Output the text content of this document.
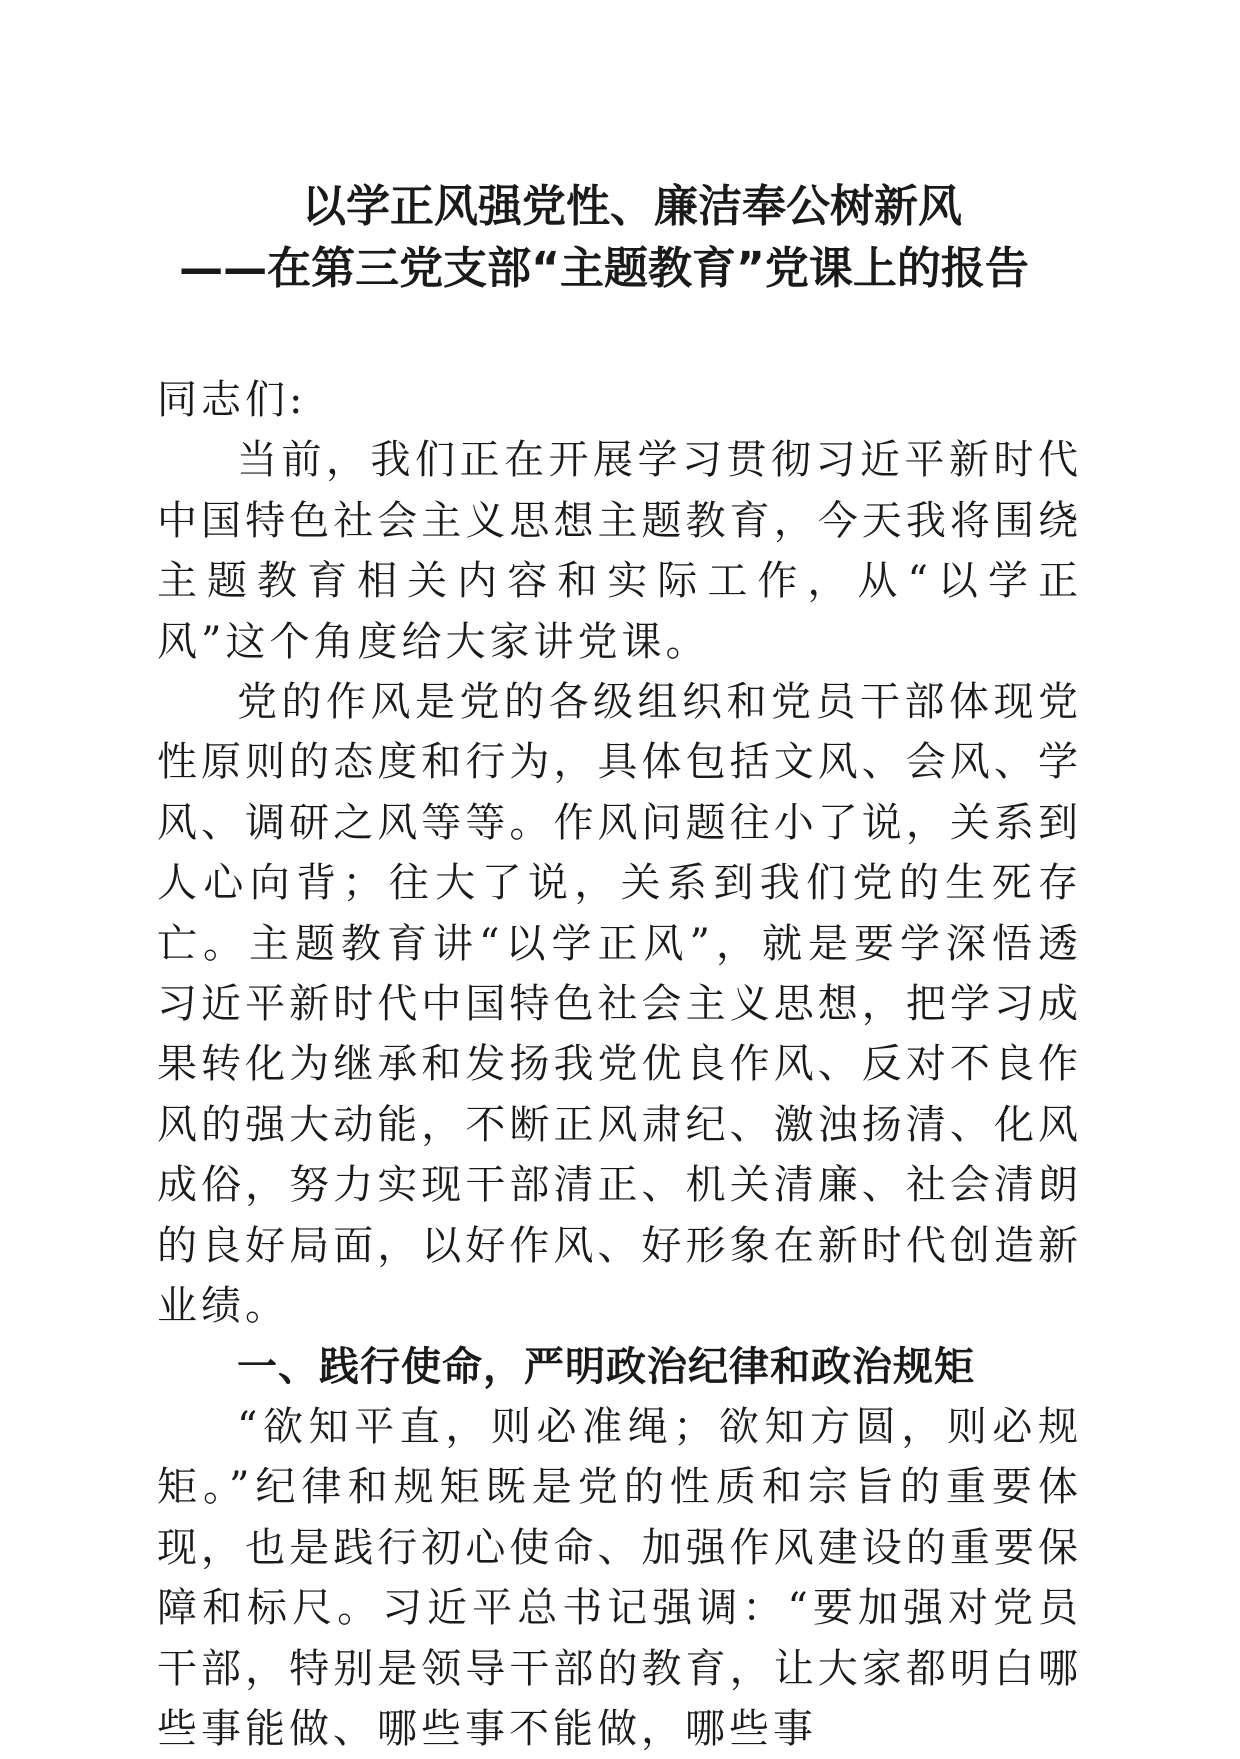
以学正风强党性、廉洁奉公树新风
——在第三党支部“主题教育”党课上的报告

同志们:

当前，我们正在开展学习贯彻习近平新时代中国特色社会主义思想主题教育，今天我将围绕主题教育相关内容和实际工作，从“以学正风”这个角度给大家讲党课。

党的作风是党的各级组织和党员干部体现党性原则的态度和行为，具体包括文风、会风、学风、调研之风等等。作风问题往小了说，关系到人心向背；往大了说，关系到我们党的生死存亡。主题教育讲“以学正风”，就是要学深悟透习近平新时代中国特色社会主义思想，把学习成果转化为继承和发扬我党优良作风、反对不良作风的强大动能，不断正风肃纪、激浊扬清、化风成俗，努力实现干部清正、机关清廉、社会清朗的良好局面，以好作风、好形象在新时代创造新业绩。

一、践行使命，严明政治纪律和政治规矩

“欲知平直，则必准绳；欲知方圆，则必规矩。”纪律和规矩既是党的性质和宗旨的重要体现，也是践行初心使命、加强作风建设的重要保障和标尺。习近平总书记强调：“要加强对党员干部，特别是领导干部的教育，让大家都明白哪些事能做、哪些事不能做，哪些事
